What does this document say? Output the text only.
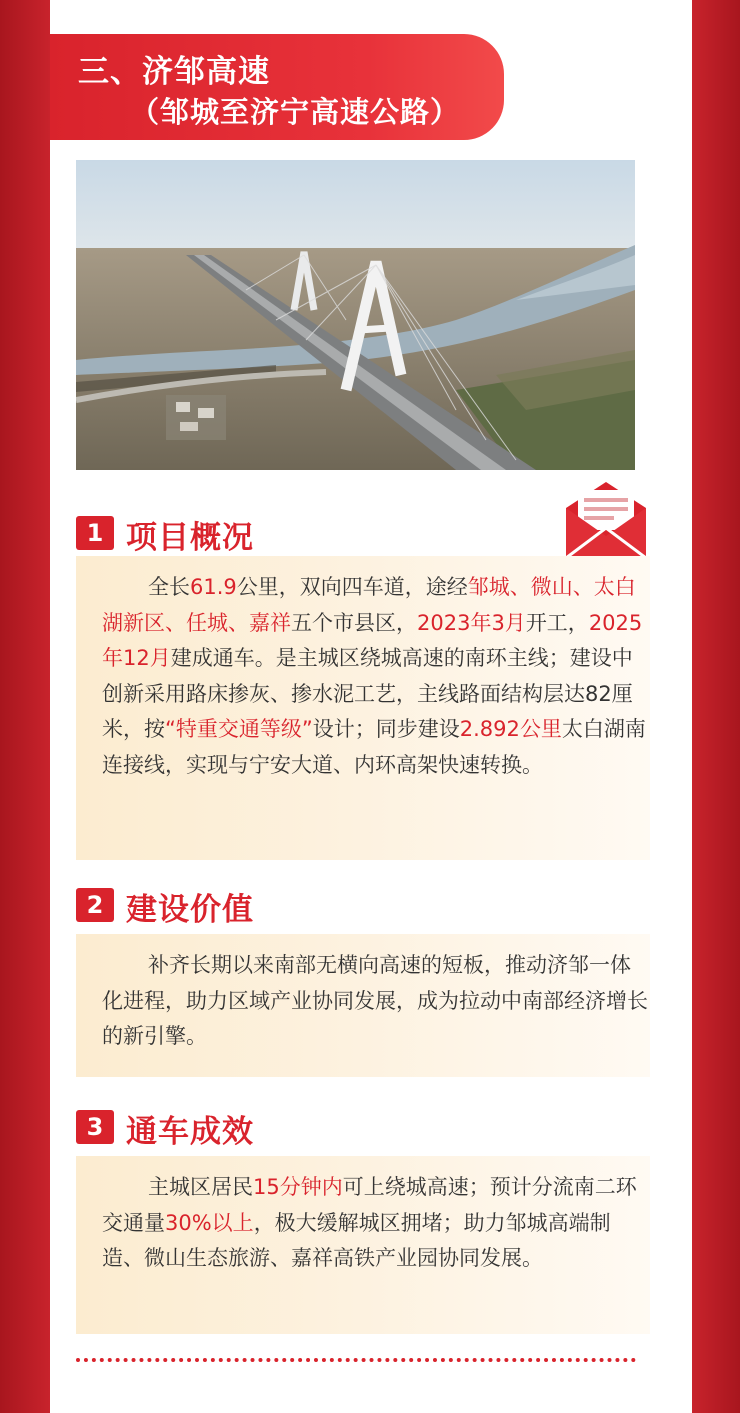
三、济邹高速
（邹城至济宁高速公路）
1 项目概况

全长61.9公里，双向四车道，途经邹城、微山、太白湖新区、任城、嘉祥五个市县区，2023年3月开工，2025年12月建成通车。是主城区绕城高速的南环主线；建设中创新采用路床掺灰、掺水泥工艺，主线路面结构层达82厘米，按“特重交通等级”设计；同步建设2.892公里太白湖南连接线，实现与宁安大道、内环高架快速转换。

2 建设价值

补齐长期以来南部无横向高速的短板，推动济邹一体化进程，助力区域产业协同发展，成为拉动中南部经济增长的新引擎。

3 通车成效

主城区居民15分钟内可上绕城高速；预计分流南二环交通量30%以上，极大缓解城区拥堵；助力邹城高端制造、微山生态旅游、嘉祥高铁产业园协同发展。
